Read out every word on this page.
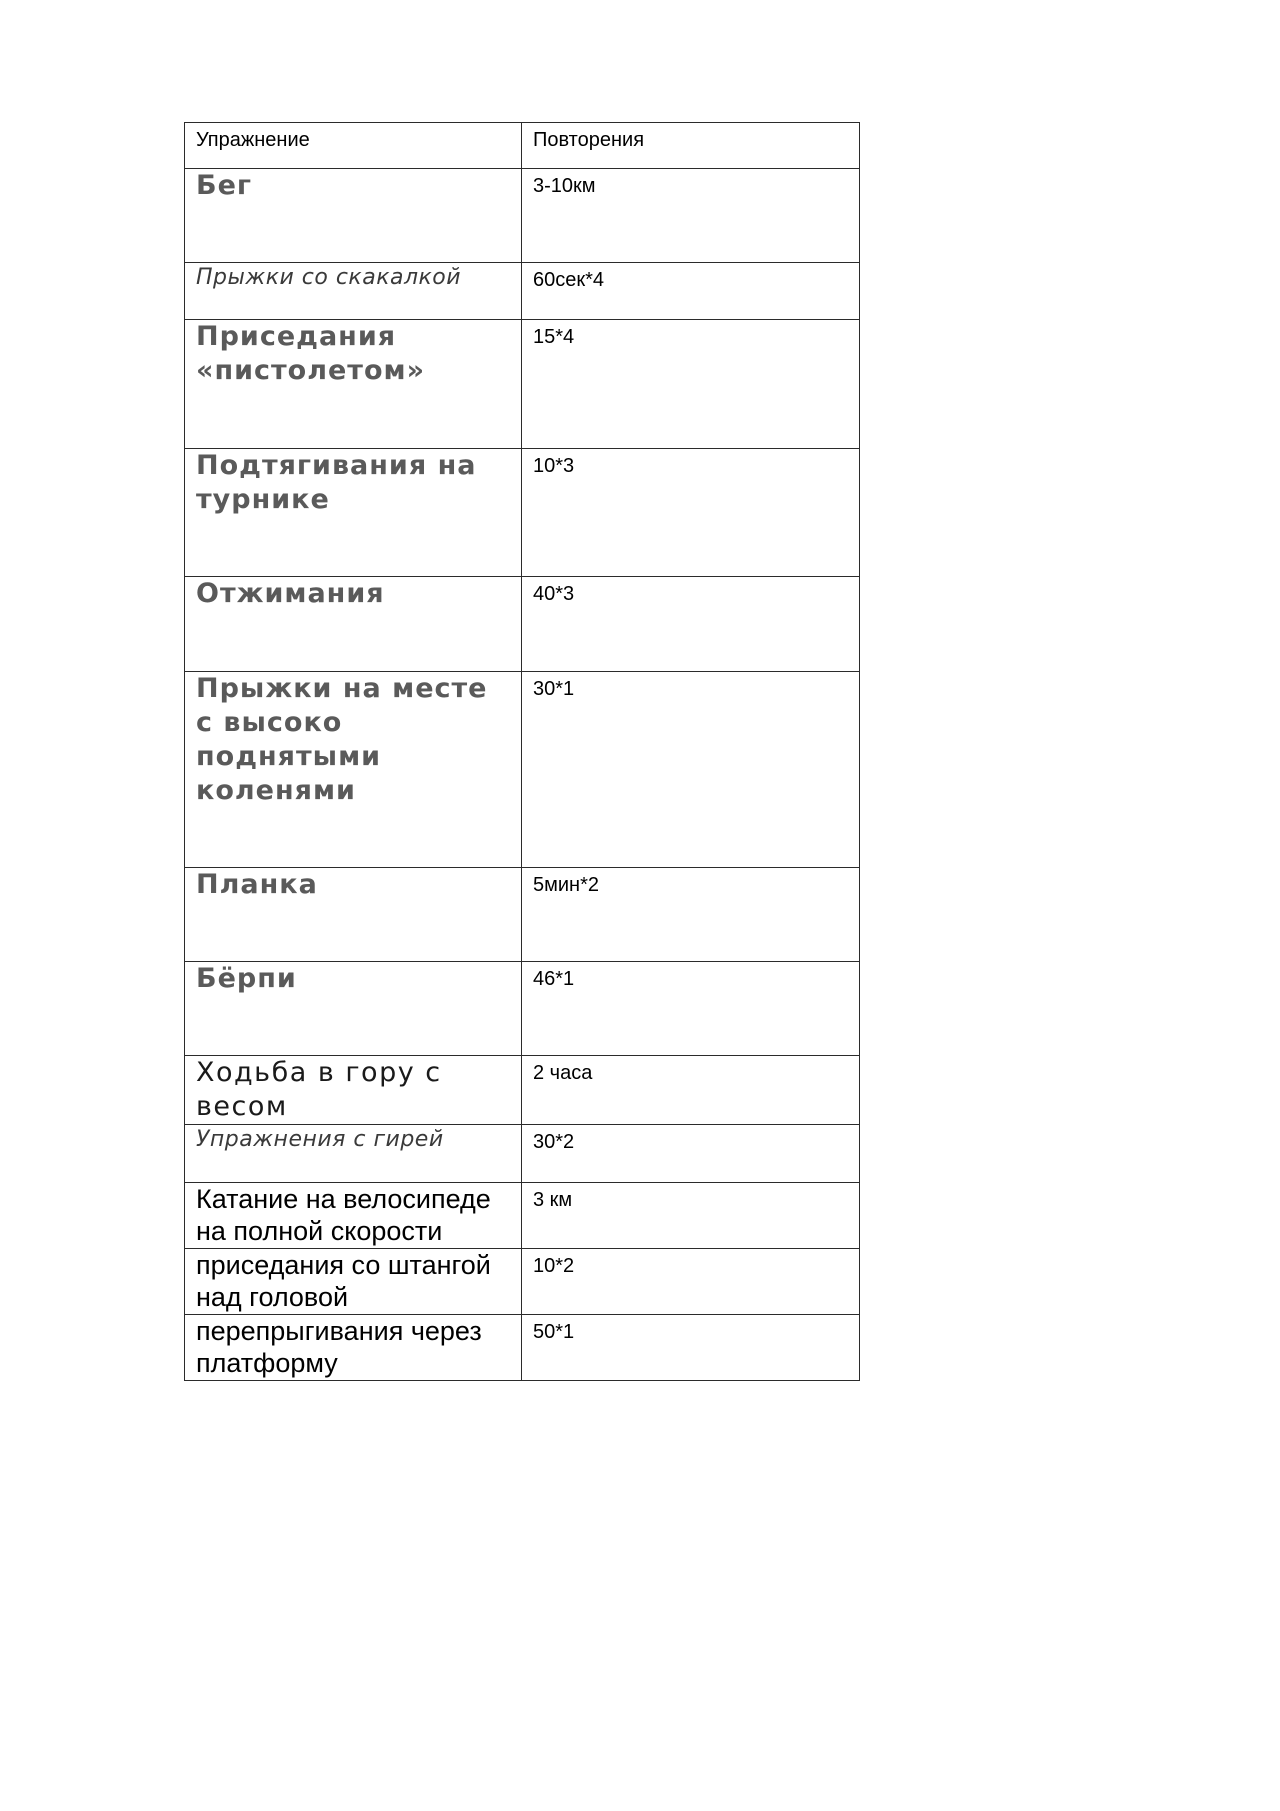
Упражнение	Повторения
Бег	3-10км
Прыжки со скакалкой	60сек*4
Приседания «пистолетом»	15*4
Подтягивания на турнике	10*3
Отжимания	40*3
Прыжки на месте с высоко поднятыми коленями	30*1
Планка	5мин*2
Бёрпи	46*1
Ходьба в гору с весом	2 часа
Упражнения с гирей	30*2
Катание на велосипеде на полной скорости	3 км
приседания со штангой над головой	10*2
перепрыгивания через платформу	50*1
